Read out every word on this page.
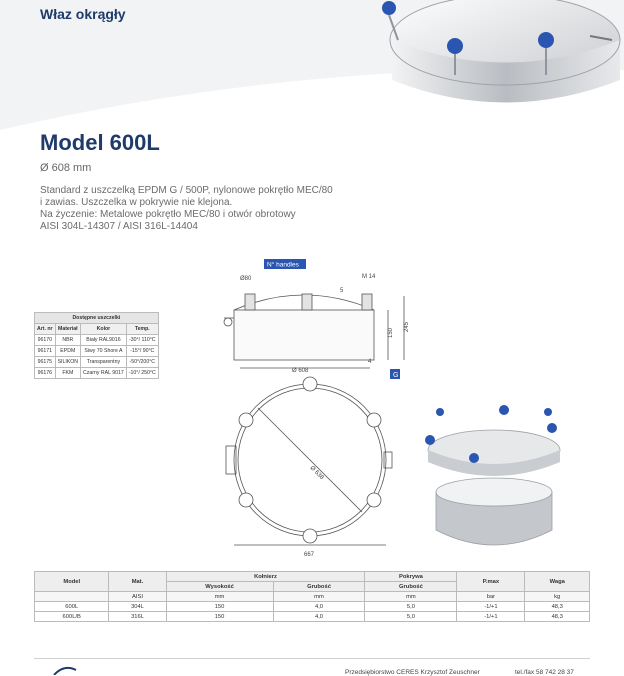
Właz okrągły
Model 600L
Ø 608 mm
Standard z uszczelką EPDM G / 500P, nylonowe pokrętło MEC/80
i zawias. Uszczelka w pokrywie nie klejona.
Na życzenie: Metalowe pokrętło MEC/80 i otwór obrotowy
AISI 304L-14307 / AISI 316L-14404
N° handles
Ø80	M 14
5
150
245
Ø 608
4
G
Ø 638
667
Dostępne uszczelki			
Art. nr	Materiał	Kolor	Temp.
96170	NBR	Biały RAL9016	-30°/ 110°C
96171	EPDM	Siwy 70 Shore A	-15°/ 90°C
96175	SILIKON	Transparentny	-50°/200°C
96176	FKM	Czarny RAL 9017	-10°/ 250°C
Model	Mat.	Kołnierz		Pokrywa	P.max	Waga
		Wysokość	Grubość	Grubość		
	AISI	mm	mm	mm	bar	kg
600L	304L	150	4,0	5,0	-1/+1	48,3
600L/B	316L	150	4,0	5,0	-1/+1	48,3
Przedsiębiorstwo CERES Krzysztof Zeuschner	tel./fax 58 742 28 37
